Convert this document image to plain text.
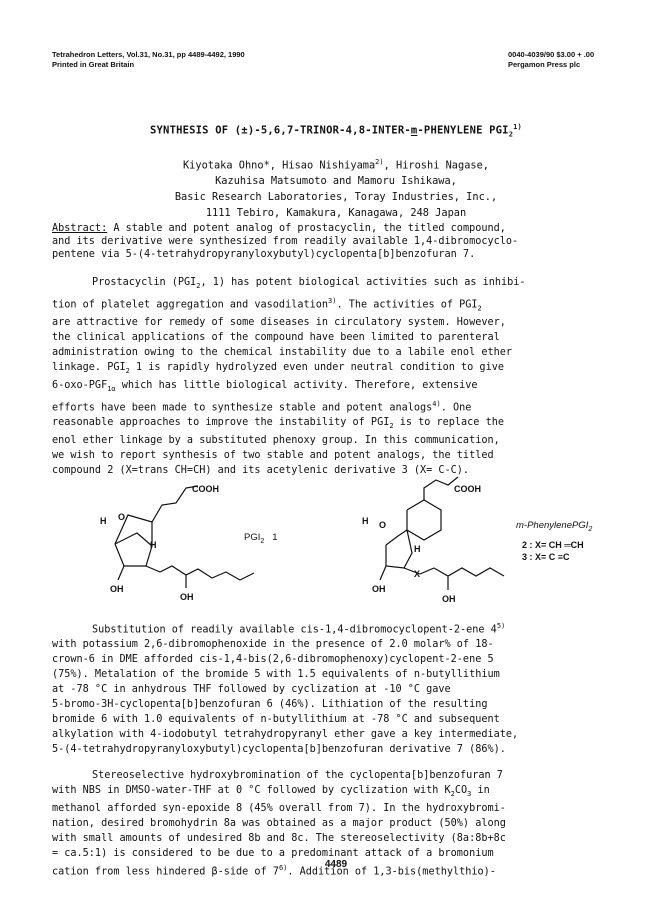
Tetrahedron Letters, Vol.31, No.31, pp 4489-4492, 1990
Printed in Great Britain
0040-4039/90 $3.00 + .00
Pergamon Press plc
SYNTHESIS OF (±)-5,6,7-TRINOR-4,8-INTER-m-PHENYLENE $PGI_2^{1)}$
Kiyotaka Ohno*, Hisao Nishiyama$^{2)}$, Hiroshi Nagase,
Kazuhisa Matsumoto and Mamoru Ishikawa,
Basic Research Laboratories, Toray Industries, Inc.,
1111 Tebiro, Kamakura, Kanagawa, 248 Japan
Abstract: A stable and potent analog of prostacyclin, the titled compound,
and its derivative were synthesized from readily available 1,4-dibromocyclo-
pentene via 5-(4-tetrahydropyranyloxybutyl)cyclopenta[b]benzofuran 7.
Prostacyclin ($PGI_2$, 1) has potent biological activities such as inhibi-
tion of platelet aggregation and vasodilation$^{3)}$. The activities of $PGI_2$
are attractive for remedy of some diseases in circulatory system. However,
the clinical applications of the compound have been limited to parenteral
administration owing to the chemical instability due to a labile enol ether
linkage. $PGI_2$ 1 is rapidly hydrolyzed even under neutral condition to give
$6-oxo-PGF_{1\alpha}$ which has little biological activity. Therefore, extensive
efforts have been made to synthesize stable and potent analogs$^{4)}$. One
reasonable approaches to improve the instability of $PGI_2$ is to replace the
enol ether linkage by a substituted phenoxy group. In this communication,
we wish to report synthesis of two stable and potent analogs, the titled
compound 2 (X=trans CH=CH) and its acetylenic derivative 3 (X= C-C).
COOH	COOH
H O
H
OH
OH
H O
H
OH
OH
X
$PGI_2$ 1
m-PhenylenePGI$_2$
2 : X= CH ═CH
3 : X= C ≡C
Substitution of readily available cis-1,4-dibromocyclopent-2-ene 4$^{5)}$
with potassium 2,6-dibromophenoxide in the presence of 2.0 molar% of 18-
crown-6 in DME afforded cis-1,4-bis(2,6-dibromophenoxy)cyclopent-2-ene 5
(75%). Metalation of the bromide 5 with 1.5 equivalents of n-butyllithium
at -78 °C in anhydrous THF followed by cyclization at -10 °C gave
5-bromo-3H-cyclopenta[b]benzofuran 6 (46%). Lithiation of the resulting
bromide 6 with 1.0 equivalents of n-butyllithium at -78 °C and subsequent
alkylation with 4-iodobutyl tetrahydropyranyl ether gave a key intermediate,
5-(4-tetrahydropyranyloxybutyl)cyclopenta[b]benzofuran derivative 7 (86%).
Stereoselective hydroxybromination of the cyclopenta[b]benzofuran 7
with NBS in DMSO-water-THF at 0 °C followed by cyclization with $K_2CO_3$ in
methanol afforded syn-epoxide 8 (45% overall from 7). In the hydroxybromi-
nation, desired bromohydrin 8a was obtained as a major product (50%) along
with small amounts of undesired 8b and 8c. The stereoselectivity (8a:8b+8c
= ca.5:1) is considered to be due to a predominant attack of a bromonium
cation from less hindered β-side of 7$^{6)}$. Addition of 1,3-bis(methylthio)-
4489
